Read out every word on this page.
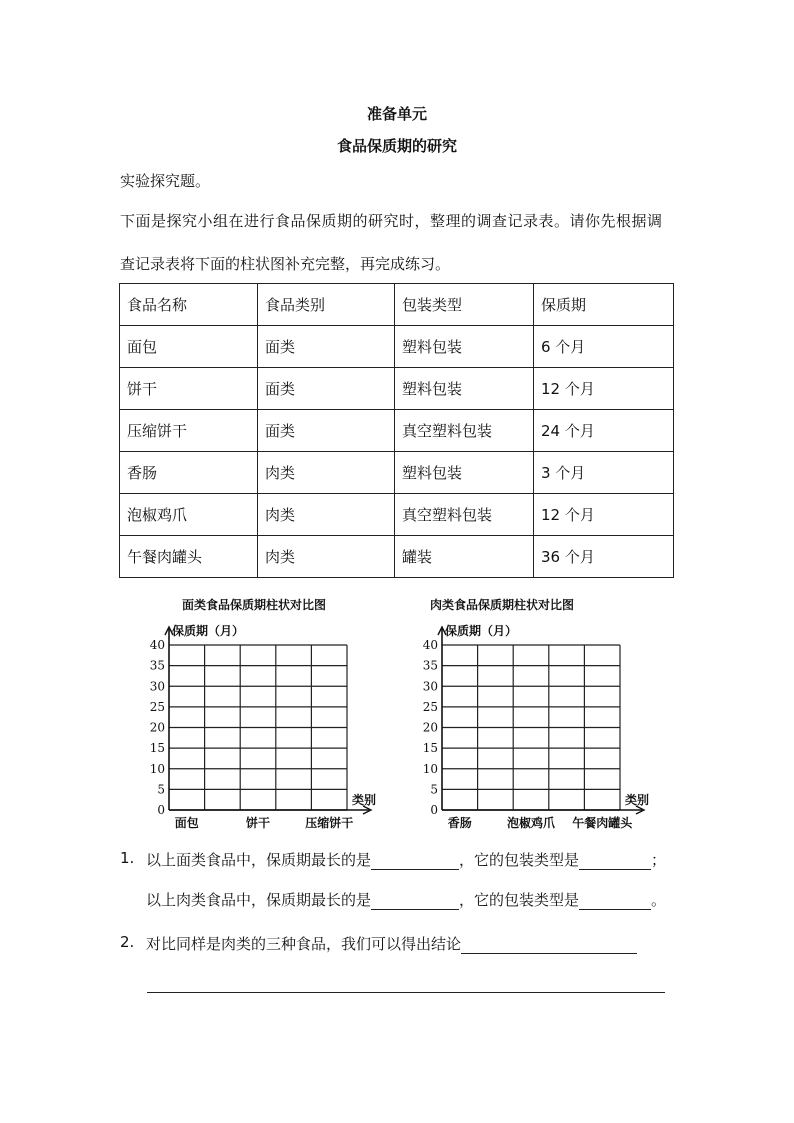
准备单元
食品保质期的研究
实验探究题。
下面是探究小组在进行食品保质期的研究时，整理的调查记录表。请你先根据调
查记录表将下面的柱状图补充完整，再完成练习。
食品名称	食品类别	包装类型	保质期
面包	面类	塑料包装	6 个月
饼干	面类	塑料包装	12 个月
压缩饼干	面类	真空塑料包装	24 个月
香肠	肉类	塑料包装	3 个月
泡椒鸡爪	肉类	真空塑料包装	12 个月
午餐肉罐头	肉类	罐装	36 个月
面类食品保质期柱状对比图
保质期（月）
0
5
10
15
20
25
30
35
40
类别
面包	饼干	压缩饼干
肉类食品保质期柱状对比图
保质期（月）
0
5
10
15
20
25
30
35
40
类别
香肠	泡椒鸡爪 午餐肉罐头
1. 以上面类食品中，保质期最长的是	，它的包装类型是	；
以上肉类食品中，保质期最长的是	，它的包装类型是	。
2. 对比同样是肉类的三种食品，我们可以得出结论
